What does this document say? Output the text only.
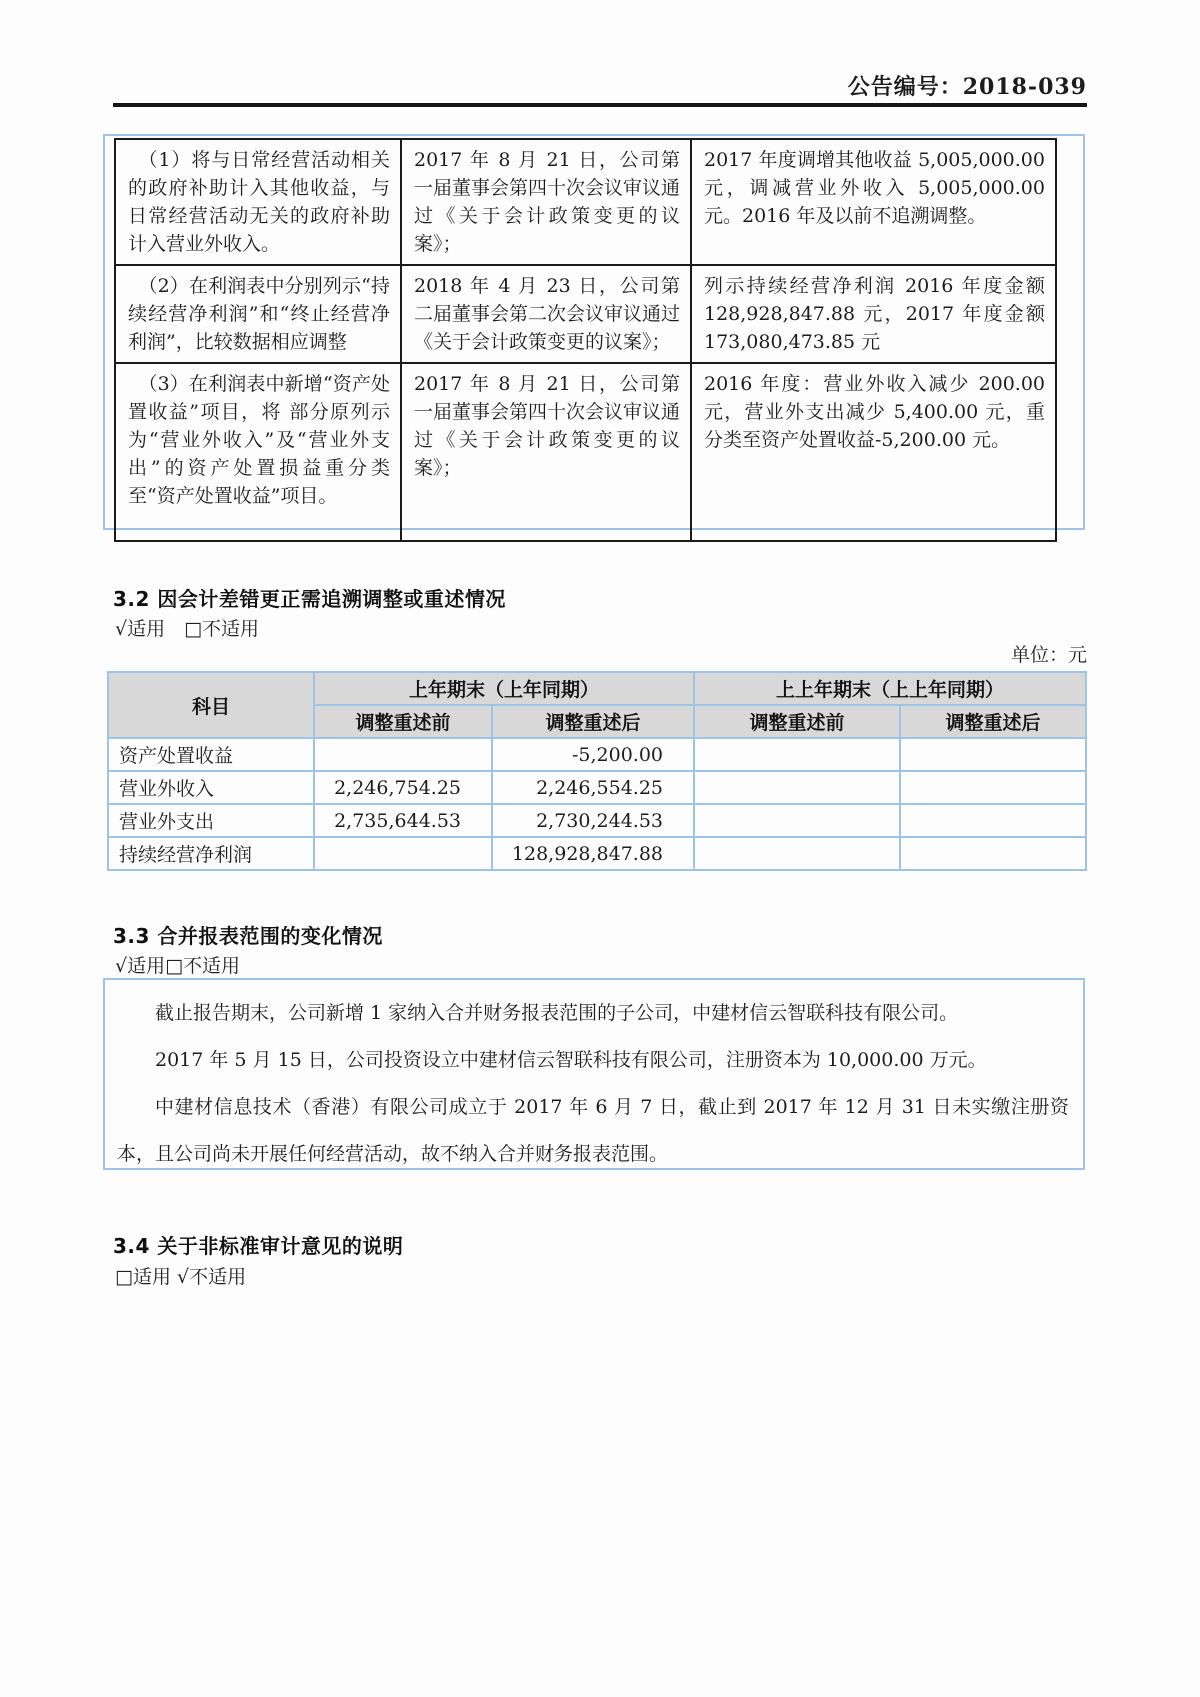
公告编号：2018-039
（1）将与日常经营活动相关的政府补助计入其他收益，与日常经营活动无关的政府补助计入营业外收入。	2017 年 8 月 21 日，公司第一届董事会第四十次会议审议通过《关于会计政策变更的议案》；	2017 年度调增其他收益 5,005,000.00 元，调减营业外收入 5,005,000.00 元。2016 年及以前不追溯调整。
（2）在利润表中分别列示“持续经营净利润”和“终止经营净利润”，比较数据相应调整	2018 年 4 月 23 日，公司第二届董事会第二次会议审议通过《关于会计政策变更的议案》；	列示持续经营净利润 2016 年度金额 128,928,847.88 元，2017 年度金额 173,080,473.85 元
（3）在利润表中新增“资产处置收益”项目，将 部分原列示为“营业外收入”及“营业外支出”的资产处置损益重分类至“资产处置收益”项目。	2017 年 8 月 21 日，公司第一届董事会第四十次会议审议通过《关于会计政策变更的议案》；	2016 年度：营业外收入减少 200.00 元，营业外支出减少 5,400.00 元，重分类至资产处置收益-5,200.00 元。
3.2 因会计差错更正需追溯调整或重述情况
√适用　□不适用
单位：元
科目	上年期末（上年同期）		上上年期末（上上年同期）	
	调整重述前	调整重述后	调整重述前	调整重述后
资产处置收益		-5,200.00		
营业外收入	2,246,754.25	2,246,554.25		
营业外支出	2,735,644.53	2,730,244.53		
持续经营净利润		128,928,847.88		
3.3 合并报表范围的变化情况
√适用□不适用

截止报告期末，公司新增 1 家纳入合并财务报表范围的子公司，中建材信云智联科技有限公司。

2017 年 5 月 15 日，公司投资设立中建材信云智联科技有限公司，注册资本为 10,000.00 万元。

中建材信息技术（香港）有限公司成立于 2017 年 6 月 7 日，截止到 2017 年 12 月 31 日未实缴注册资本，且公司尚未开展任何经营活动，故不纳入合并财务报表范围。

3.4 关于非标准审计意见的说明
□适用 √不适用
